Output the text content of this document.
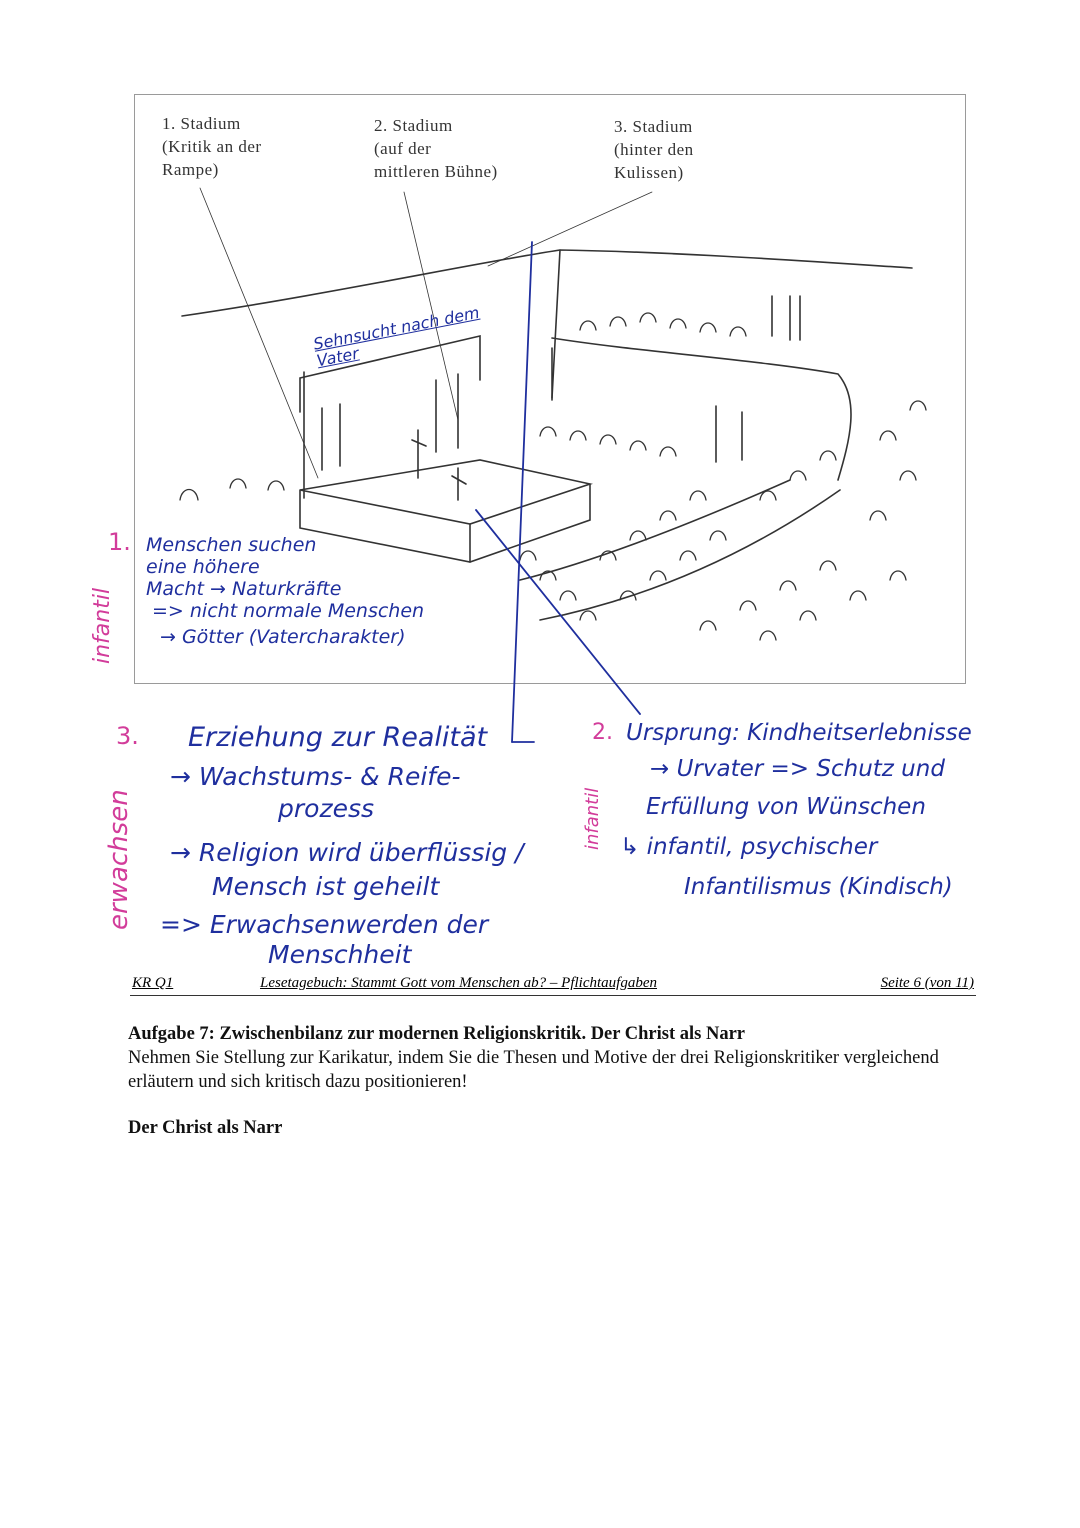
1. Stadium
(Kritik an der
Rampe)
2. Stadium
(auf der
mittleren Bühne)
3. Stadium
(hinter den
Kulissen)
Sehnsucht nach dem Vater
1. Menschen suchen
eine höhere
Macht → Naturkräfte
=> nicht normale Menschen
→ Götter (Vatercharakter)
infantil
3.
erwachsen
Erziehung zur Realität
→ Wachstums- & Reife-
prozess
→ Religion wird überflüssig /
Mensch ist geheilt
=> Erwachsenwerden der
Menschheit
infantil
2. Ursprung: Kindheitserlebnisse
→ Urvater => Schutz und
Erfüllung von Wünschen
↳ infantil, psychischer
Infantilismus (Kindisch)
KR Q1	Lesetagebuch: Stammt Gott vom Menschen ab? – Pflichtaufgaben	Seite 6 (von 11)
Aufgabe 7: Zwischenbilanz zur modernen Religionskritik. Der Christ als Narr
Nehmen Sie Stellung zur Karikatur, indem Sie die Thesen und Motive der drei Religionskritiker vergleichend erläutern und sich kritisch dazu positionieren!
Der Christ als Narr
